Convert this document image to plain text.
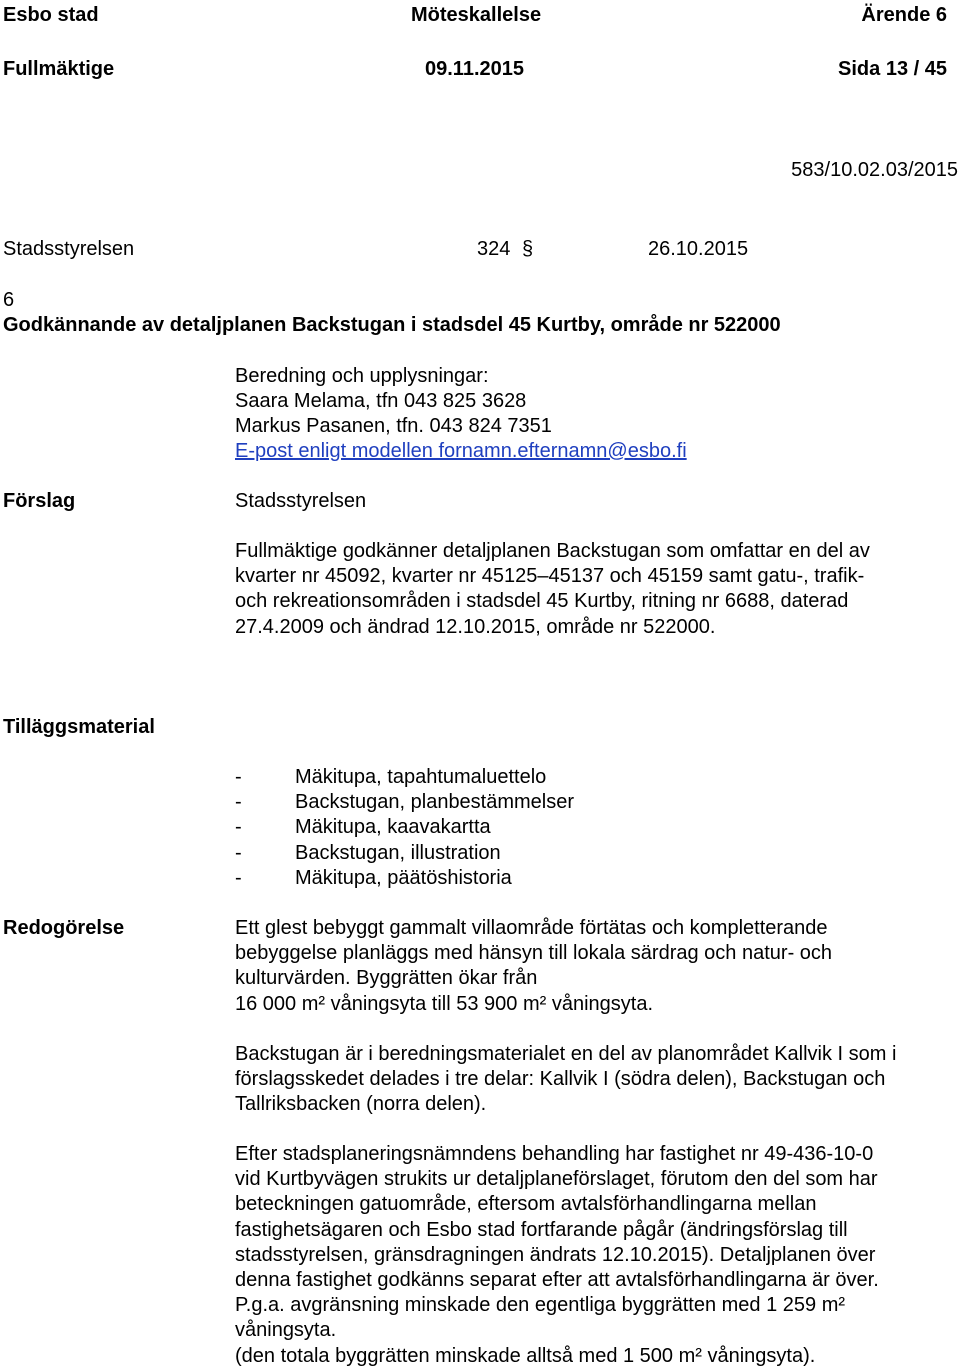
Esbo stad	Möteskallelse	Ärende 6
Fullmäktige	09.11.2015	Sida 13 / 45
583/10.02.03/2015
Stadsstyrelsen	324 §	26.10.2015
6
Godkännande av detaljplanen Backstugan i stadsdel 45 Kurtby, område nr 522000
Beredning och upplysningar:
Saara Melama, tfn 043 825 3628
Markus Pasanen, tfn. 043 824 7351
E-post enligt modellen fornamn.efternamn@esbo.fi
Förslag	Stadsstyrelsen
Fullmäktige godkänner detaljplanen Backstugan som omfattar en del av
kvarter nr 45092, kvarter nr 45125–45137 och 45159 samt gatu-, trafik-
och rekreationsområden i stadsdel 45 Kurtby, ritning nr 6688, daterad
27.4.2009 och ändrad 12.10.2015, område nr 522000.
Tilläggsmaterial
-	Mäkitupa, tapahtumaluettelo
-	Backstugan, planbestämmelser
-	Mäkitupa, kaavakartta
-	Backstugan, illustration
-	Mäkitupa, päätöshistoria
Redogörelse	Ett glest bebyggt gammalt villaområde förtätas och kompletterande
bebyggelse planläggs med hänsyn till lokala särdrag och natur- och
kulturvärden. Byggrätten ökar från
16 000 m² våningsyta till 53 900 m² våningsyta.
Backstugan är i beredningsmaterialet en del av planområdet Kallvik I som i
förslagsskedet delades i tre delar: Kallvik I (södra delen), Backstugan och
Tallriksbacken (norra delen).
Efter stadsplaneringsnämndens behandling har fastighet nr 49-436-10-0
vid Kurtbyvägen strukits ur detaljplaneförslaget, förutom den del som har
beteckningen gatuområde, eftersom avtalsförhandlingarna mellan
fastighetsägaren och Esbo stad fortfarande pågår (ändringsförslag till
stadsstyrelsen, gränsdragningen ändrats 12.10.2015). Detaljplanen över
denna fastighet godkänns separat efter att avtalsförhandlingarna är över.
P.g.a. avgränsning minskade den egentliga byggrätten med 1 259 m²
våningsyta.
(den totala byggrätten minskade alltså med 1 500 m² våningsyta).
